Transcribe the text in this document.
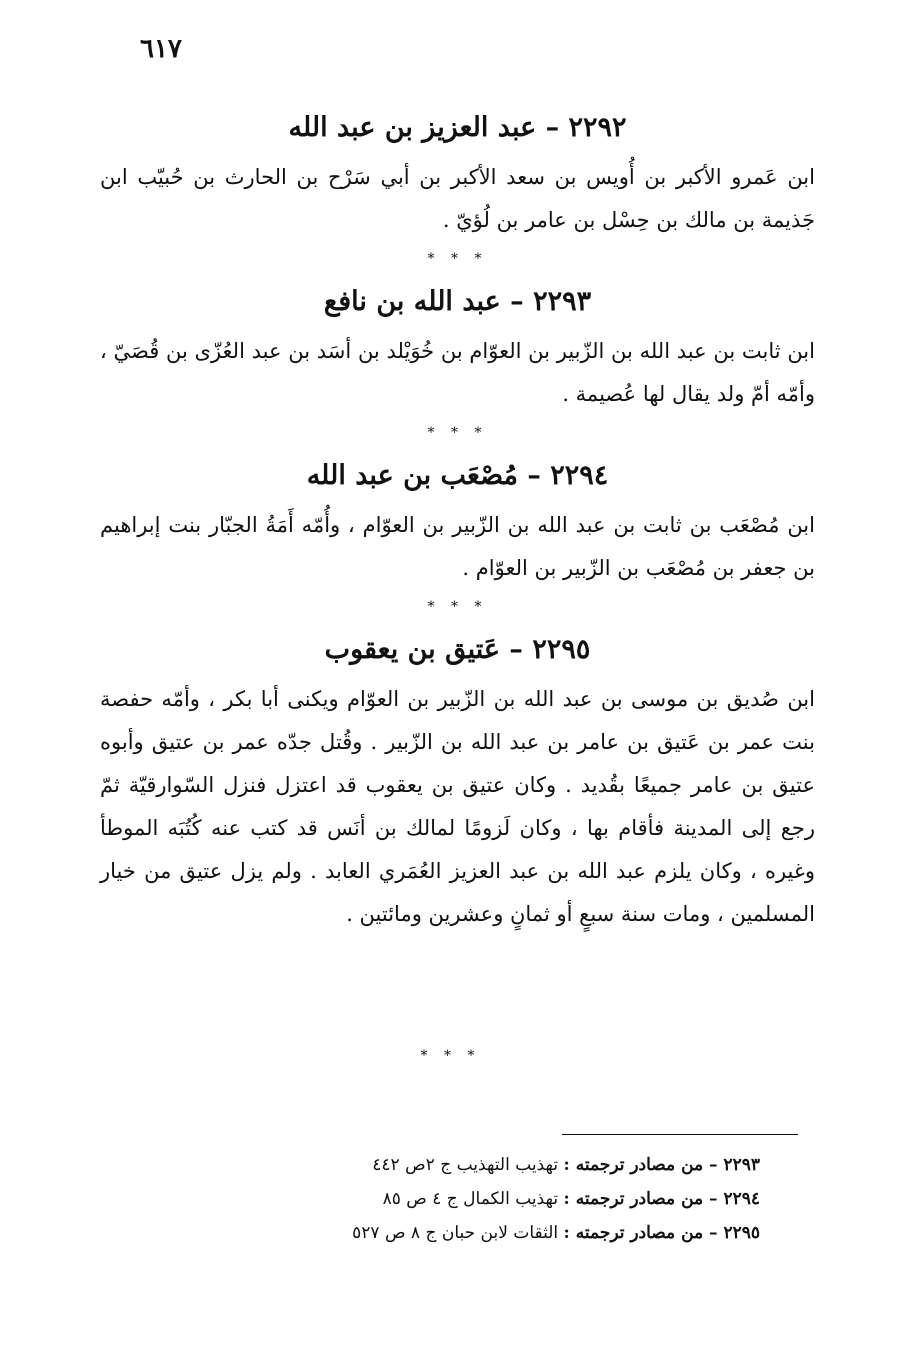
٦١٧
٢٢٩٢ – عبد العزيز بن عبد الله

ابن عَمرو الأكبر بن أُويس بن سعد الأكبر بن أبي سَرْح بن الحارث بن حُبيّب ابن جَذيمة بن مالك بن حِسْل بن عامر بن لُؤيّ .

* * *
٢٢٩٣ – عبد الله بن نافع

ابن ثابت بن عبد الله بن الزّبير بن العوّام بن خُوَيْلد بن أسَد بن عبد العُزّى بن قُصَيّ ، وأمّه أمّ ولد يقال لها عُصيمة .

* * *
٢٢٩٤ – مُصْعَب بن عبد الله

ابن مُصْعَب بن ثابت بن عبد الله بن الزّبير بن العوّام ، وأُمّه أَمَةُ الجبّار بنت إبراهيم بن جعفر بن مُصْعَب بن الزّبير بن العوّام .

* * *
٢٢٩٥ – عَتيق بن يعقوب

ابن صُديق بن موسى بن عبد الله بن الزّبير بن العوّام ويكنى أبا بكر ، وأمّه حفصة بنت عمر بن عَتيق بن عامر بن عبد الله بن الزّبير . وقُتل جدّه عمر بن عتيق وأبوه عتيق بن عامر جميعًا بقُديد . وكان عتيق بن يعقوب قد اعتزل فنزل السّوارقيّة ثمّ رجع إلى المدينة فأقام بها ، وكان لَزومًا لمالك بن أنَس قد كتب عنه كُتُبَه الموطأ وغيره ، وكان يلزم عبد الله بن عبد العزيز العُمَري العابد . ولم يزل عتيق من خيار المسلمين ، ومات سنة سبعٍ أو ثمانٍ وعشرين ومائتين .

* * *
٢٢٩٣ – من مصادر ترجمته : تهذيب التهذيب ج ٢ص ٤٤٢
٢٢٩٤ – من مصادر ترجمته : تهذيب الكمال ج ٤ ص ٨٥
٢٢٩٥ – من مصادر ترجمته : الثقات لابن حبان ج ٨ ص ٥٢٧
